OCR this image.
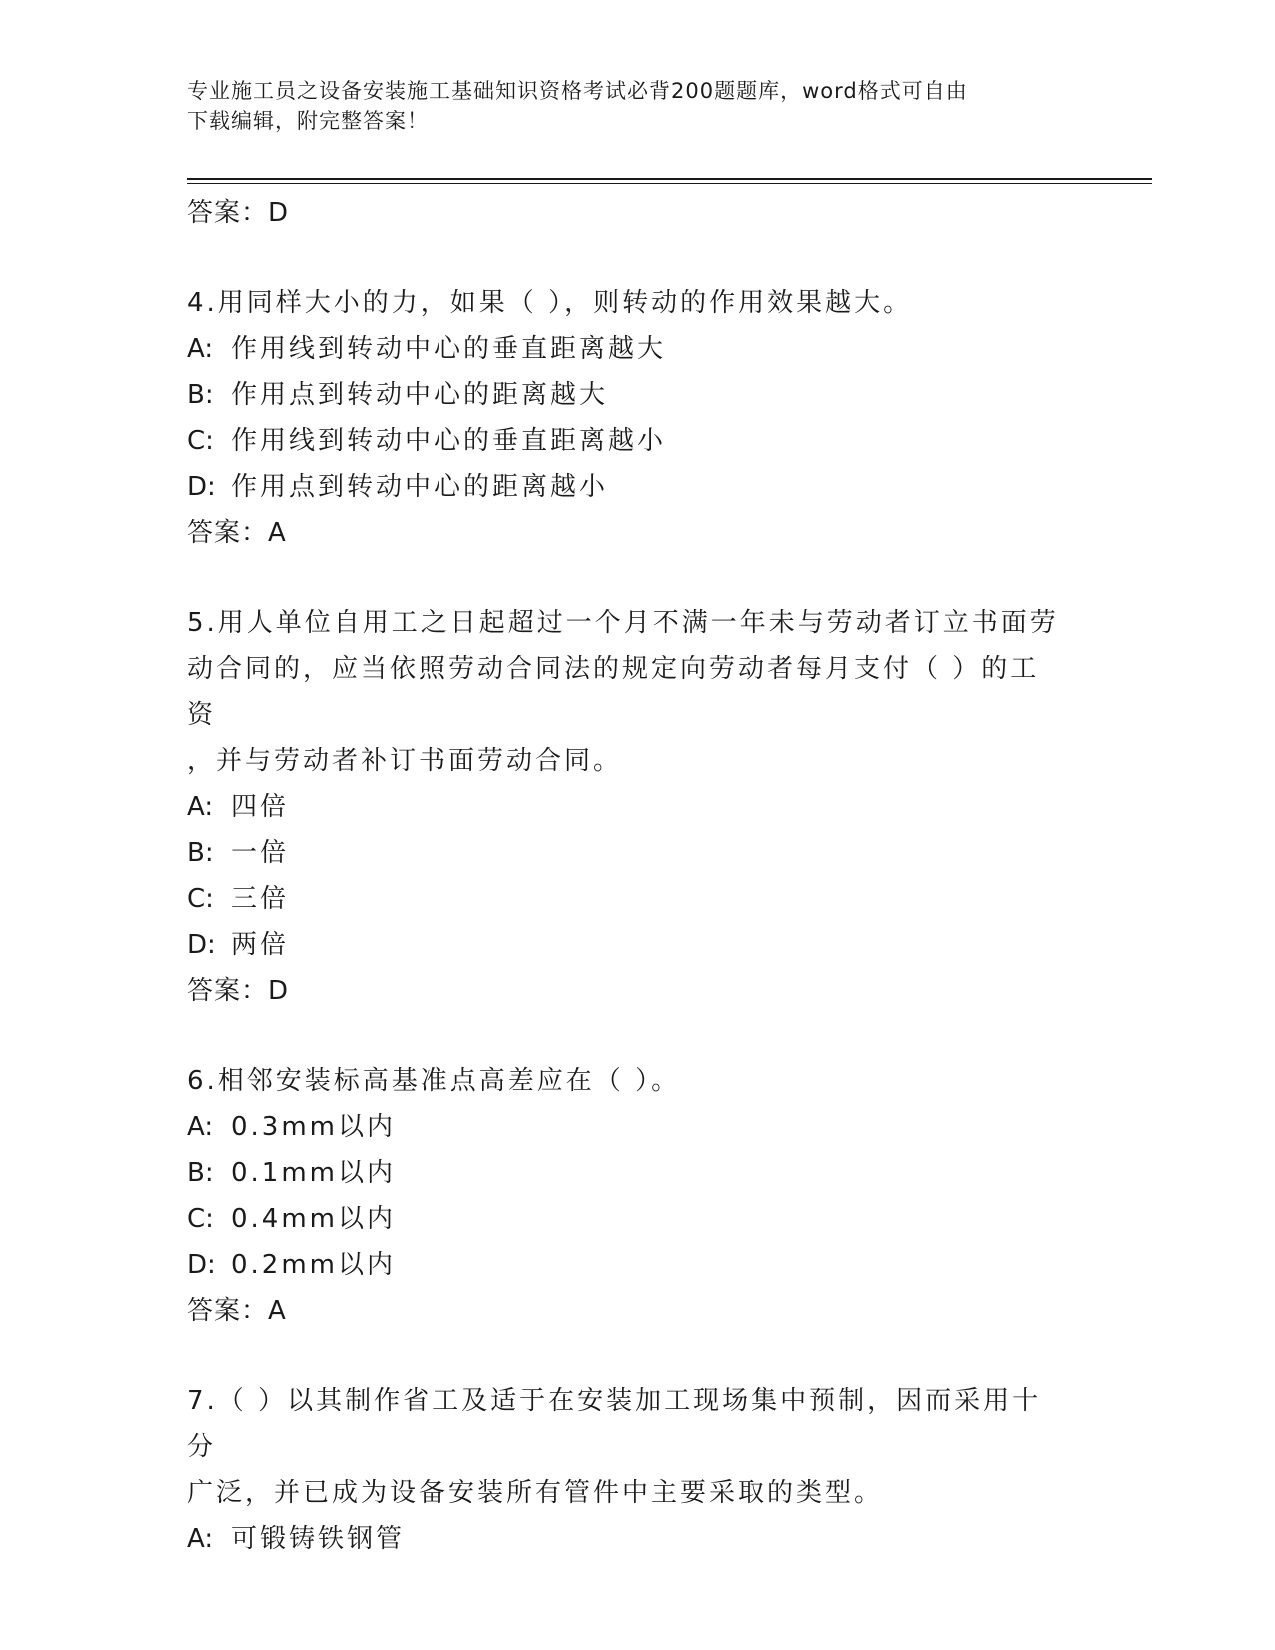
专业施工员之设备安装施工基础知识资格考试必背200题题库，word格式可自由
下载编辑，附完整答案！
答案：D
4.用同样大小的力，如果（ ），则转动的作用效果越大。
A: 作用线到转动中心的垂直距离越大
B: 作用点到转动中心的距离越大
C: 作用线到转动中心的垂直距离越小
D: 作用点到转动中心的距离越小
答案：A
5.用人单位自用工之日起超过一个月不满一年未与劳动者订立书面劳
动合同的，应当依照劳动合同法的规定向劳动者每月支付（ ）的工资
，并与劳动者补订书面劳动合同。
A: 四倍
B: 一倍
C: 三倍
D: 两倍
答案：D
6.相邻安装标高基准点高差应在（ ）。
A: 0.3mm以内
B: 0.1mm以内
C: 0.4mm以内
D: 0.2mm以内
答案：A
7.（ ）以其制作省工及适于在安装加工现场集中预制，因而采用十分
广泛，并已成为设备安装所有管件中主要采取的类型。
A: 可锻铸铁钢管
